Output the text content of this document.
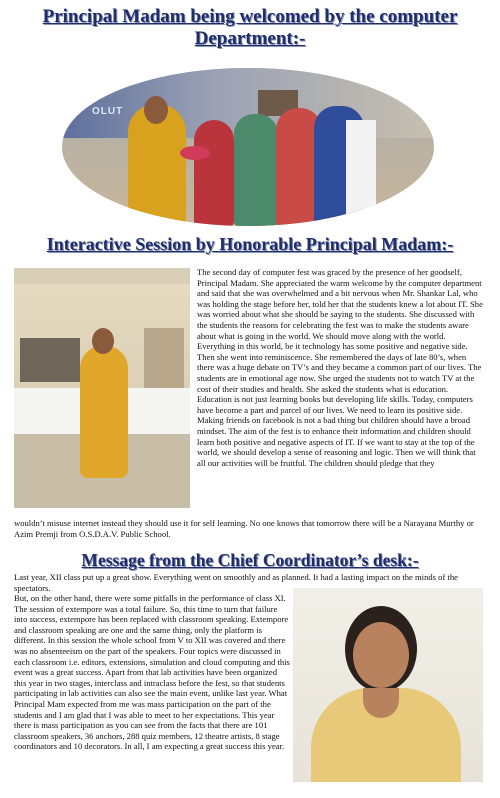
Principal Madam being welcomed by the computer Department:-
OLUT
Interactive Session by Honorable Principal Madam:-

The second day of computer fest was graced by the presence of her goodself, Principal Madam. She appreciated the warm welcome by the computer department and said that she was overwhelmed and a bit nervous when Mr. Shankar Lal, who was holding the stage before her, told her that the students knew a lot about IT. She was worried about what she should be saying to the students. She discussed with the students the reasons for celebrating the fest was to make the students aware about what is going in the world. We should move along with the world. Everything in this world, be it technology has some positive and negative side. Then she went into reminiscence. She remembered the days of late 80’s, when there was a huge debate on TV’s and they became a common part of our lives. The students are in emotional age now. She urged the students not to watch TV at the cost of their studies and health. She asked the students what is education. Education is not just learning books but developing life skills. Today, computers have become a part and parcel of our lives. We need to learn its positive side. Making friends on facebook is not a bad thing but children should have a broad mindset. The aim of the fest is to enhance their information and children should learn both positive and negative aspects of IT. If we want to stay at the top of the world, we should develop a sense of reasoning and logic. Then we will think that all our activities will be fruitful. The children should pledge that they

wouldn’t misuse internet instead they should use it for self learning. No one knows that tomorrow there will be a Narayana Murthy or Azim Premji from O.S.D.A.V. Public School.

Message from the Chief Coordinator’s desk:-

Last year, XII class put up a great show. Everything went on smoothly and as planned. It had a lasting impact on the minds of the spectators.

But, on the other hand, there were some pitfalls in the performance of class XI. The session of extempore was a total failure. So, this time to turn that failure into success, extempore has been replaced with classroom speaking. Extempore and classroom speaking are one and the same thing, only the platform is different. In this session the whole school from V to XII was covered and there was no absenteeism on the part of the speakers. Four topics were discussed in each classroom i.e. editors, extensions, simulation and cloud computing and this event was a great success. Apart from that lab activities have been organized this year in two stages, interclass and intraclass before the fest, so that students participating in lab activities can also see the main event, unlike last year. What Principal Mam expected from me was mass participation on the part of the students and I am glad that I was able to meet to her expectations. This year there is mass participation as you can see from the facts that there are 101 classroom speakers, 36 anchors, 288 quiz members, 12 theatre artists, 8 stage coordinators and 10 decorators. In all, I am expecting a great success this year.
